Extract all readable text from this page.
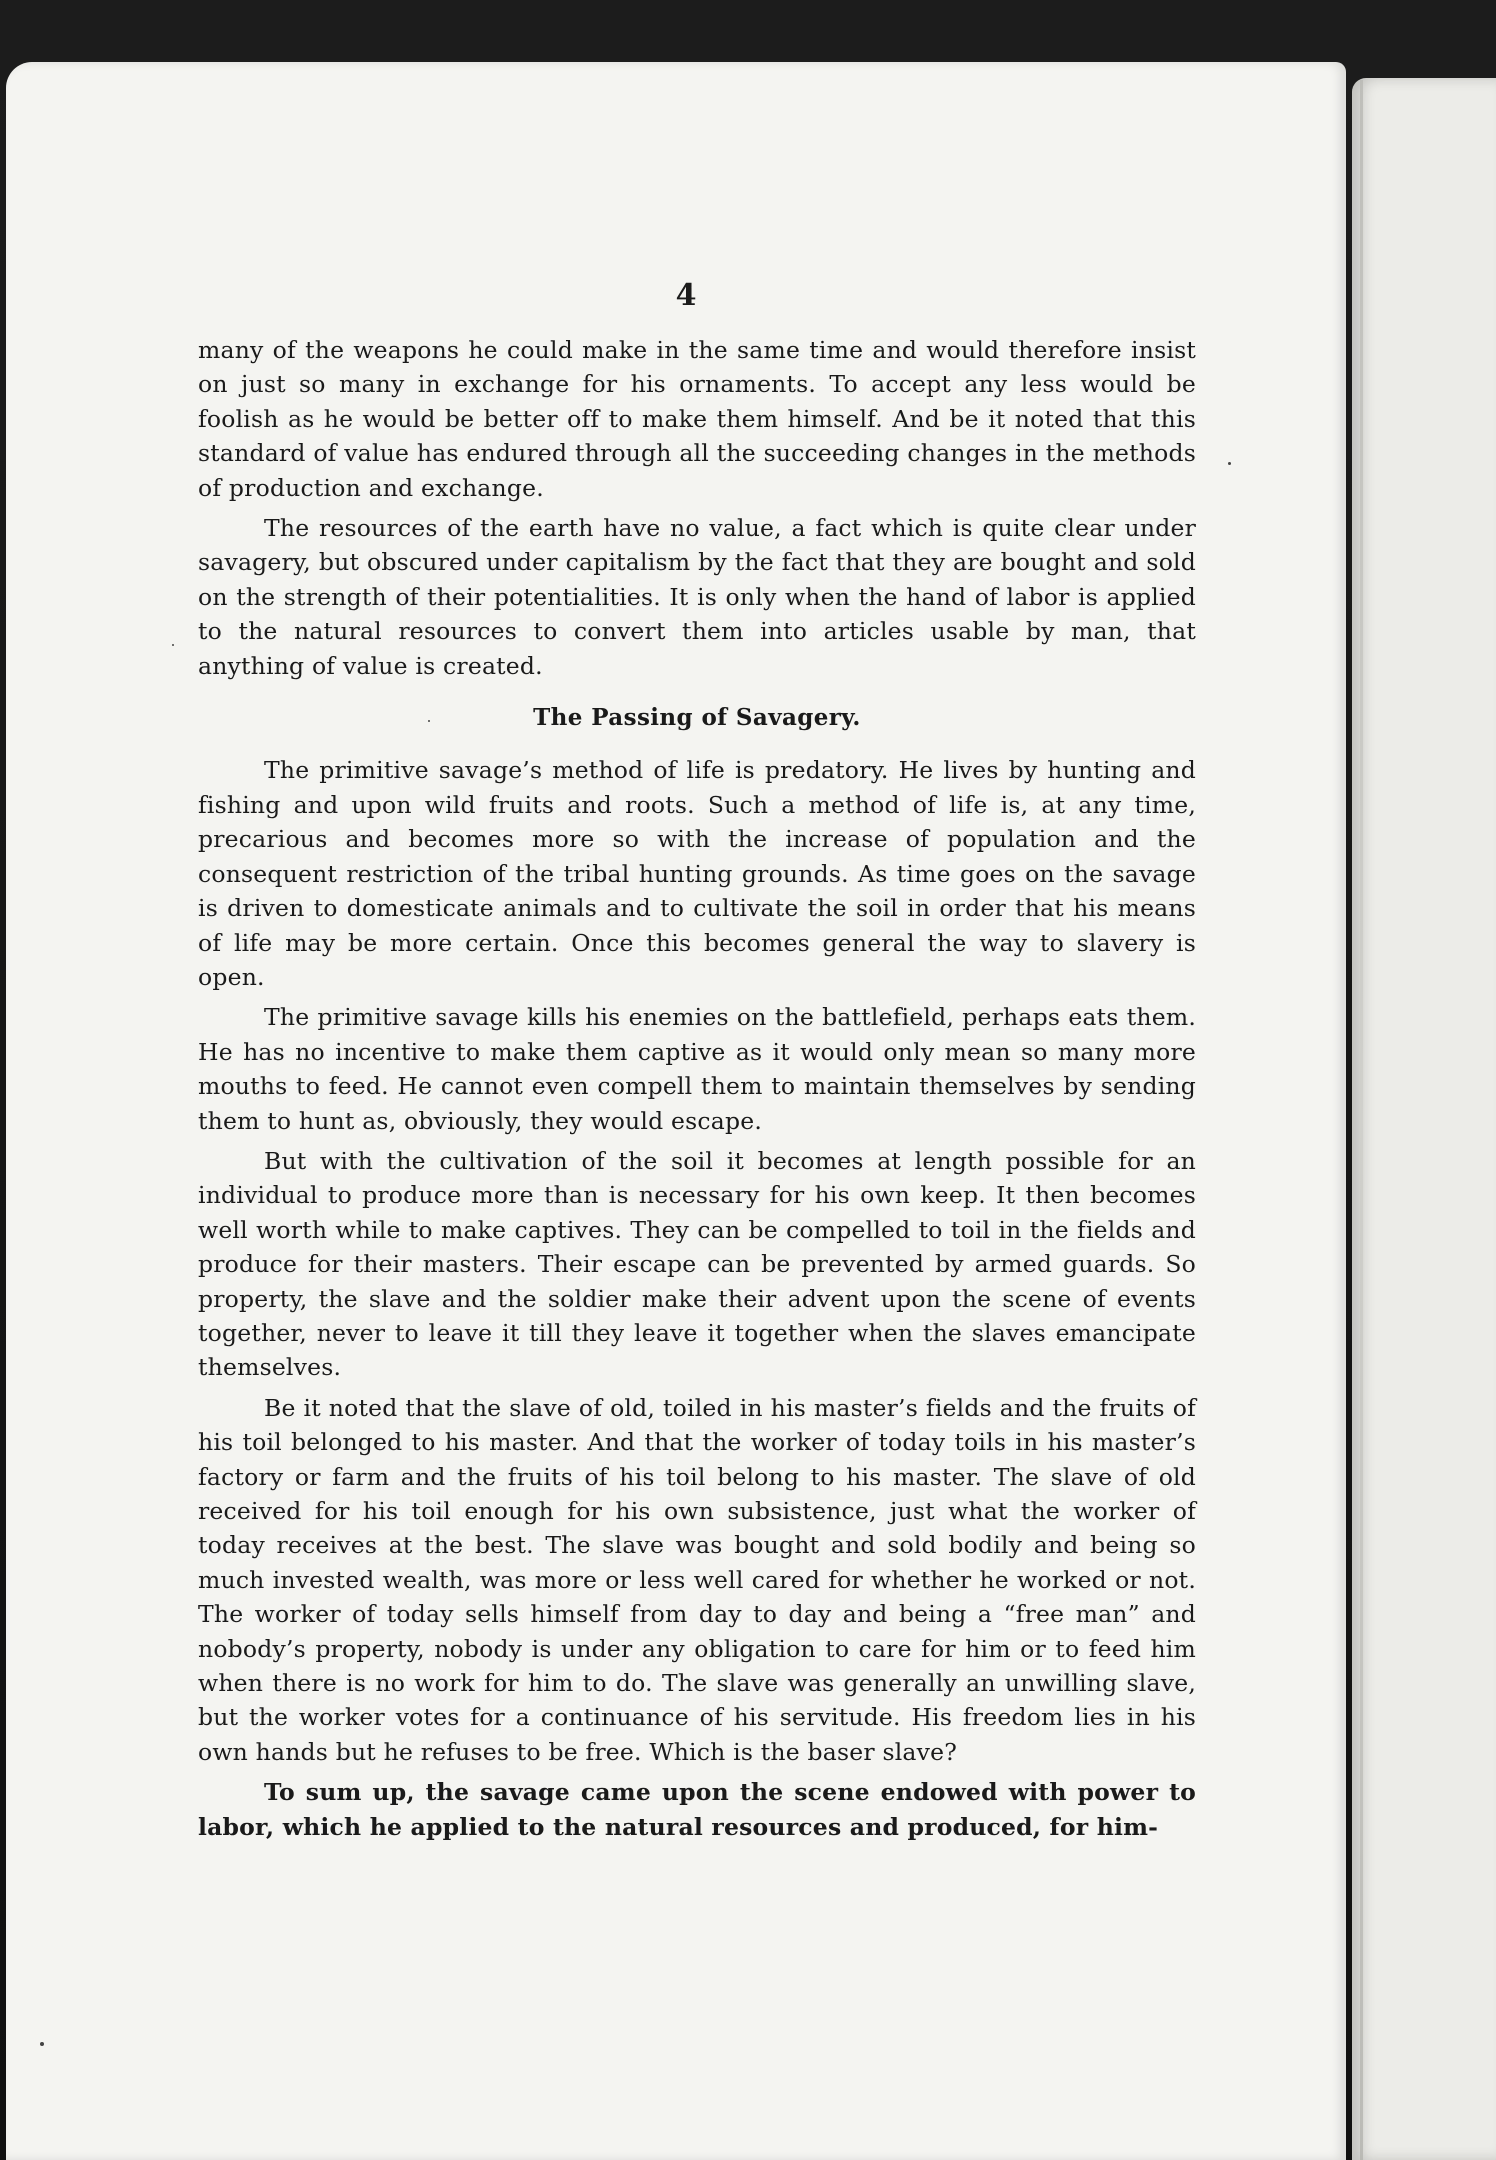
4

many of the weapons he could make in the same time and would therefore insist on just so many in exchange for his ornaments. To accept any less would be foolish as he would be better off to make them himself. And be it noted that this standard of value has endured through all the succeeding changes in the methods of production and exchange.

The resources of the earth have no value, a fact which is quite clear under savagery, but obscured under capitalism by the fact that they are bought and sold on the strength of their potentialities. It is only when the hand of labor is applied to the natural resources to convert them into articles usable by man, that anything of value is created.

The Passing of Savagery.

The primitive savage’s method of life is predatory. He lives by hunting and fishing and upon wild fruits and roots. Such a method of life is, at any time, precarious and becomes more so with the increase of population and the consequent restriction of the tribal hunting grounds. As time goes on the savage is driven to domesticate animals and to cultivate the soil in order that his means of life may be more certain. Once this becomes general the way to slavery is open.

The primitive savage kills his enemies on the battlefield, perhaps eats them. He has no incentive to make them captive as it would only mean so many more mouths to feed. He cannot even compell them to maintain themselves by sending them to hunt as, obviously, they would escape.

But with the cultivation of the soil it becomes at length possible for an individual to produce more than is necessary for his own keep. It then becomes well worth while to make captives. They can be compelled to toil in the fields and produce for their masters. Their escape can be prevented by armed guards. So property, the slave and the soldier make their advent upon the scene of events together, never to leave it till they leave it together when the slaves emancipate themselves.

Be it noted that the slave of old, toiled in his master’s fields and the fruits of his toil belonged to his master. And that the worker of today toils in his master’s factory or farm and the fruits of his toil belong to his master. The slave of old received for his toil enough for his own subsistence, just what the worker of today receives at the best. The slave was bought and sold bodily and being so much invested wealth, was more or less well cared for whether he worked or not. The worker of today sells himself from day to day and being a “free man” and nobody’s property, nobody is under any obligation to care for him or to feed him when there is no work for him to do. The slave was generally an unwilling slave, but the worker votes for a continuance of his servitude. His freedom lies in his own hands but he refuses to be free. Which is the baser slave?

To sum up, the savage came upon the scene endowed with power to labor, which he applied to the natural resources and produced, for him-
